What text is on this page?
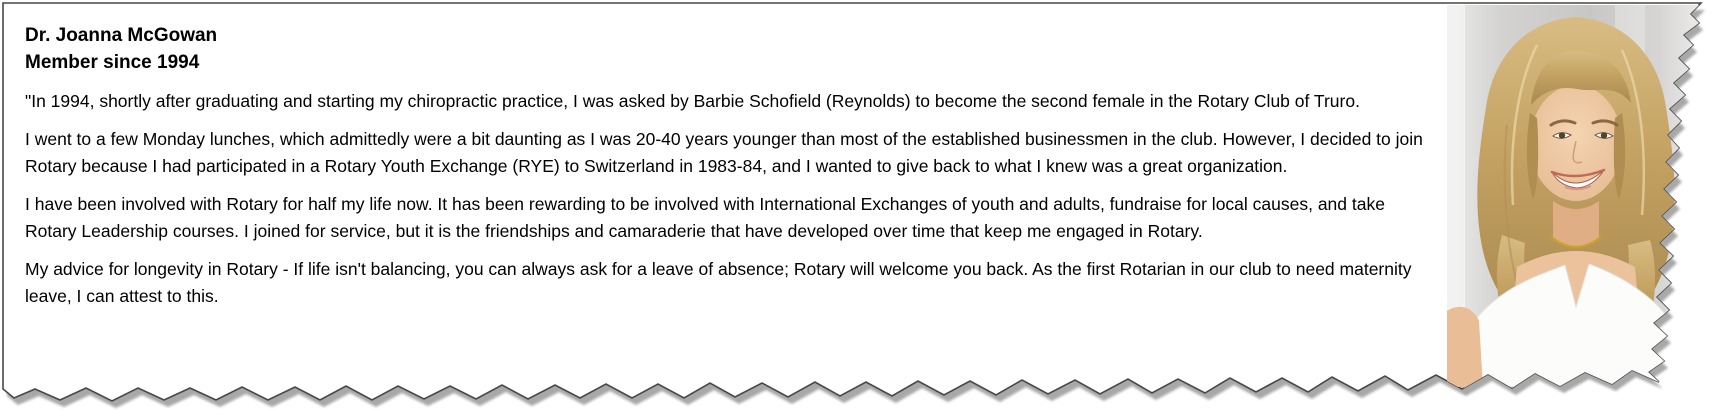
Dr. Joanna McGowan
Member since 1994

"In 1994, shortly after graduating and starting my chiropractic practice, I was asked by Barbie Schofield (Reynolds) to become the second female in the Rotary Club of Truro.

I went to a few Monday lunches, which admittedly were a bit daunting as I was 20-40 years younger than most of the established businessmen in the club. However, I decided to join Rotary because I had participated in a Rotary Youth Exchange (RYE) to Switzerland in 1983-84, and I wanted to give back to what I knew was a great organization.

I have been involved with Rotary for half my life now. It has been rewarding to be involved with International Exchanges of youth and adults, fundraise for local causes, and take Rotary Leadership courses. I joined for service, but it is the friendships and camaraderie that have developed over time that keep me engaged in Rotary.

My advice for longevity in Rotary - If life isn't balancing, you can always ask for a leave of absence; Rotary will welcome you back. As the first Rotarian in our club to need maternity leave, I can attest to this.
